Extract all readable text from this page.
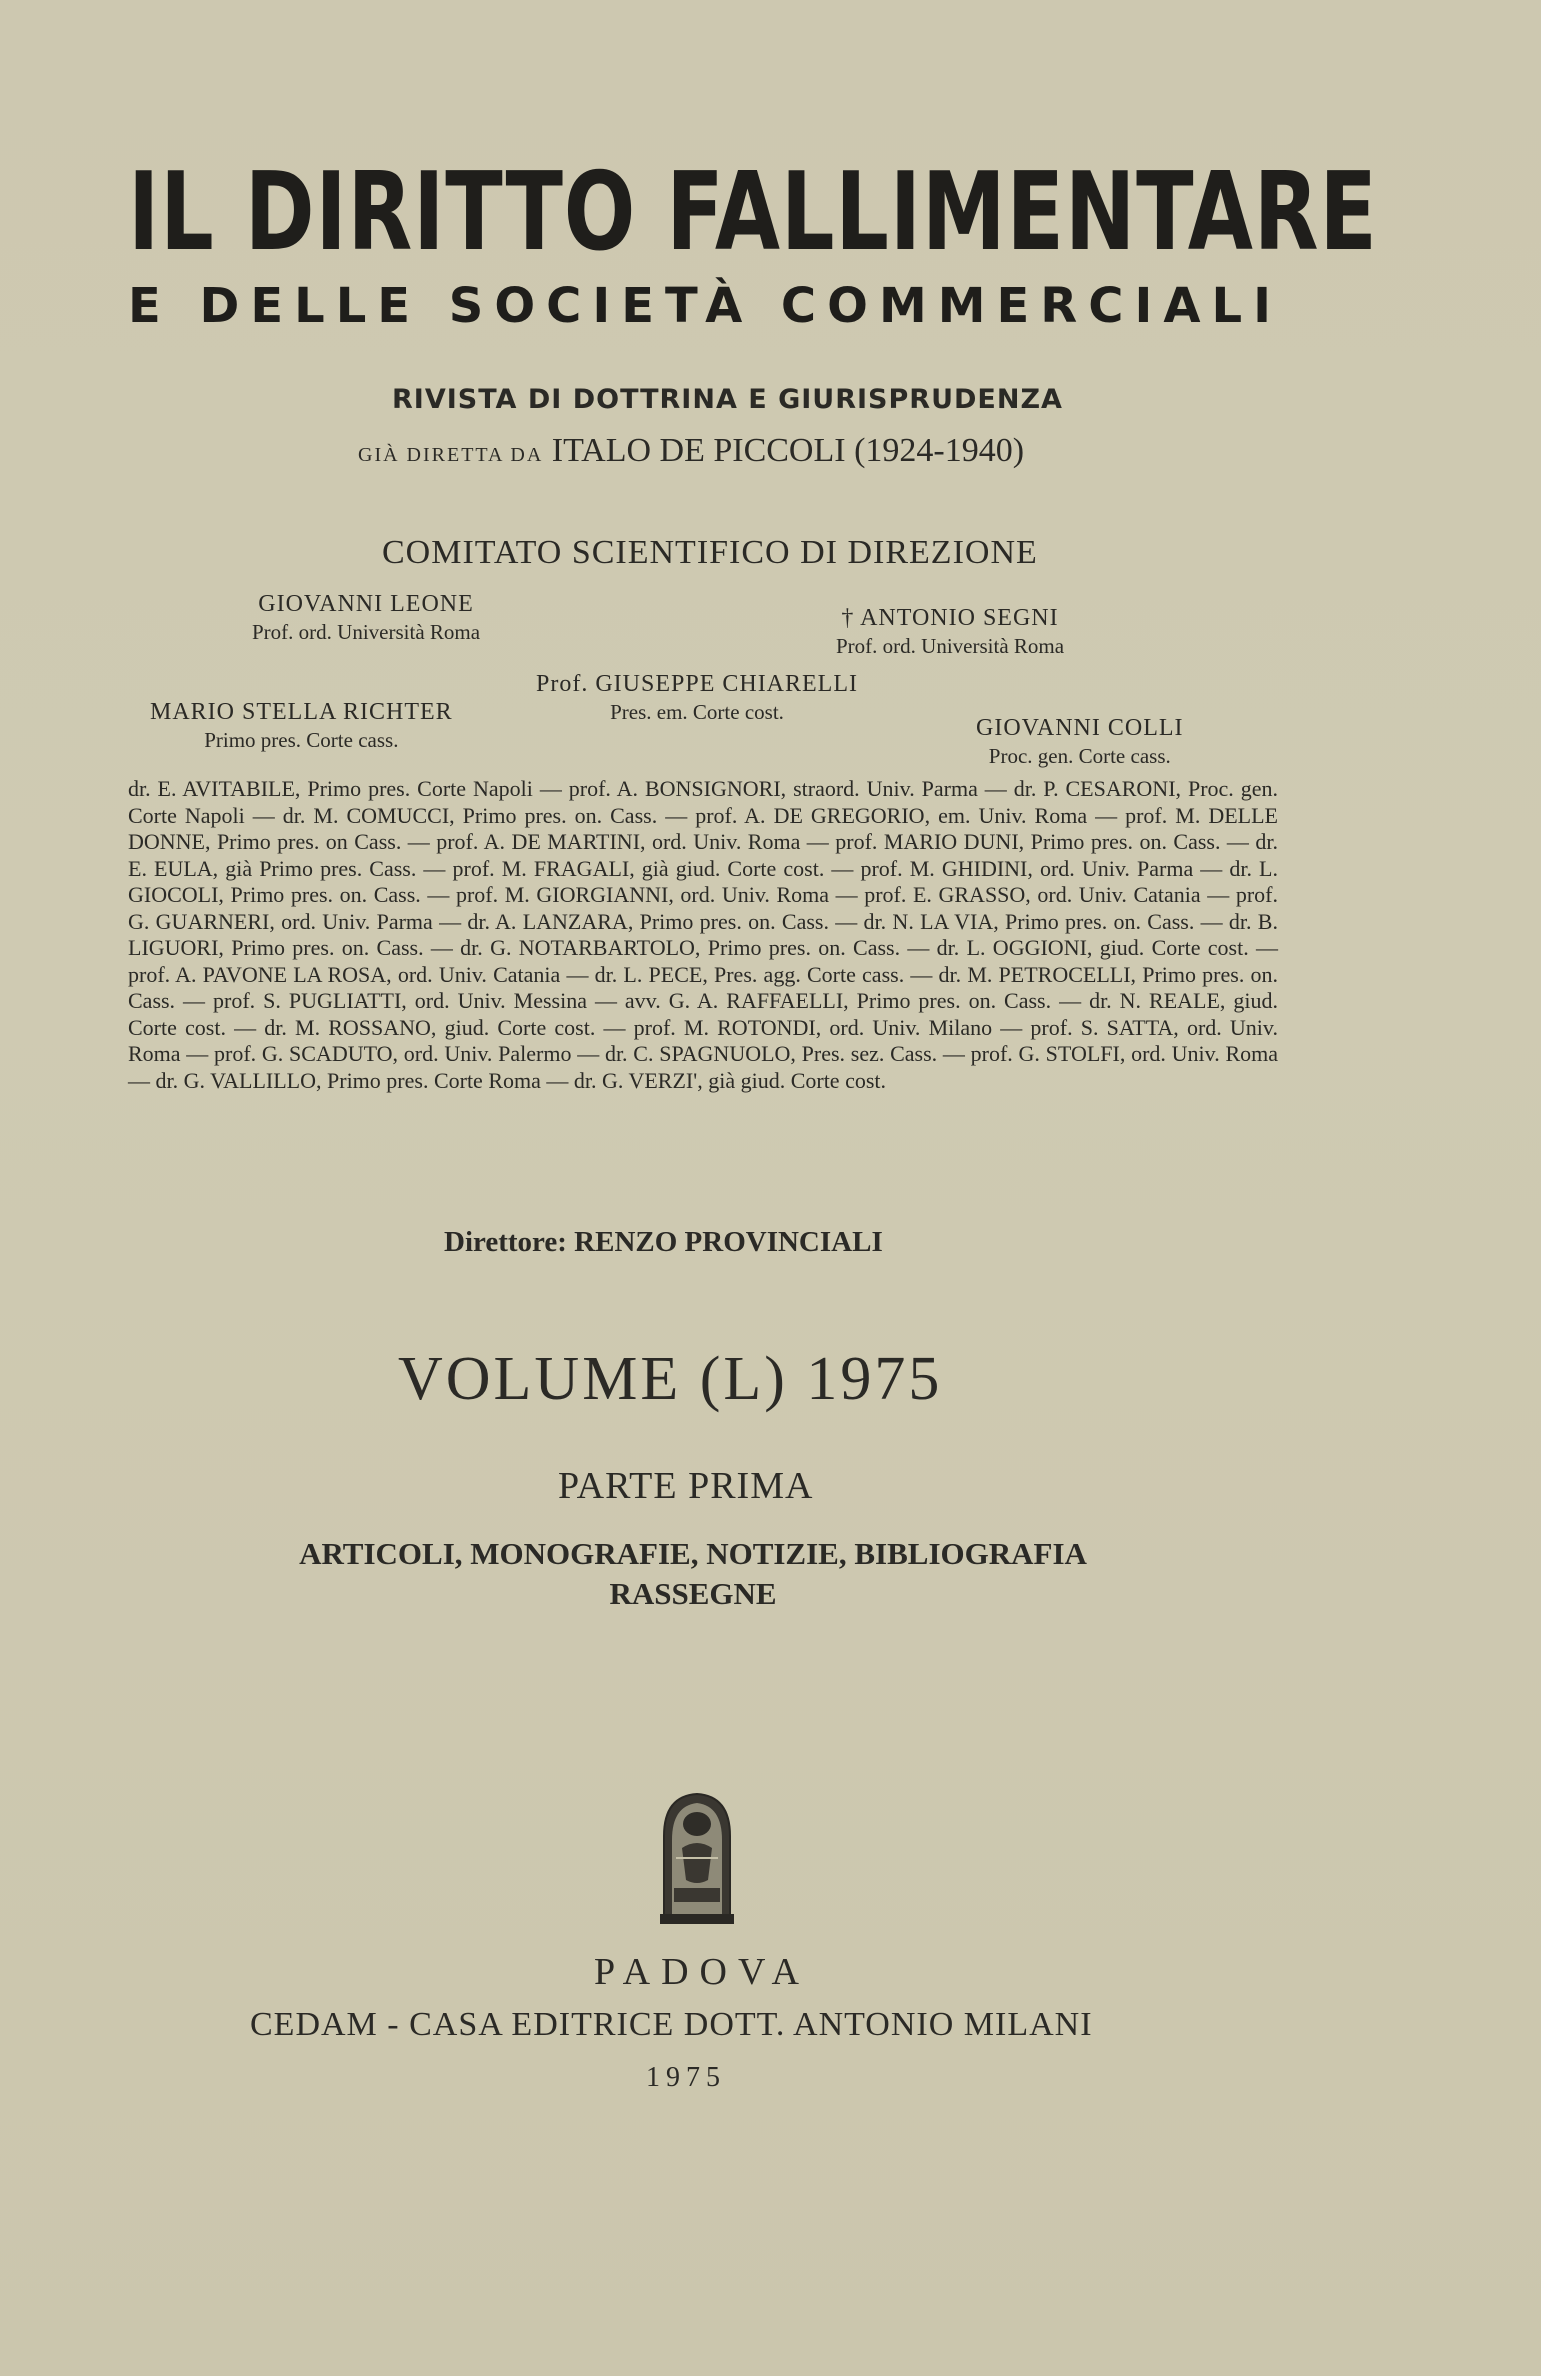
IL DIRITTO FALLIMENTARE
E DELLE SOCIETÀ COMMERCIALI
RIVISTA DI DOTTRINA E GIURISPRUDENZA
GIÀ DIRETTA DA ITALO DE PICCOLI (1924-1940)
COMITATO SCIENTIFICO DI DIREZIONE
GIOVANNI LEONE
Prof. ord. Università Roma
† ANTONIO SEGNI
Prof. ord. Università Roma
Prof. GIUSEPPE CHIARELLI
Pres. em. Corte cost.
MARIO STELLA RICHTER
Primo pres. Corte cass.	GIOVANNI COLLI
Proc. gen. Corte cass.
dr. E. AVITABILE, Primo pres. Corte Napoli — prof. A. BONSIGNORI, straord. Univ. Parma — dr. P. CESARONI, Proc. gen. Corte Napoli — dr. M. COMUCCI, Primo pres. on. Cass. — prof. A. DE GREGORIO, em. Univ. Roma — prof. M. DELLE DONNE, Primo pres. on Cass. — prof. A. DE MARTINI, ord. Univ. Roma — prof. MARIO DUNI, Primo pres. on. Cass. — dr. E. EULA, già Primo pres. Cass. — prof. M. FRAGALI, già giud. Corte cost. — prof. M. GHIDINI, ord. Univ. Parma — dr. L. GIOCOLI, Primo pres. on. Cass. — prof. M. GIORGIANNI, ord. Univ. Roma — prof. E. GRASSO, ord. Univ. Catania — prof. G. GUARNERI, ord. Univ. Parma — dr. A. LANZARA, Primo pres. on. Cass. — dr. N. LA VIA, Primo pres. on. Cass. — dr. B. LIGUORI, Primo pres. on. Cass. — dr. G. NOTARBARTOLO, Primo pres. on. Cass. — dr. L. OGGIONI, giud. Corte cost. — prof. A. PAVONE LA ROSA, ord. Univ. Catania — dr. L. PECE, Pres. agg. Corte cass. — dr. M. PETROCELLI, Primo pres. on. Cass. — prof. S. PUGLIATTI, ord. Univ. Messina — avv. G. A. RAFFAELLI, Primo pres. on. Cass. — dr. N. REALE, giud. Corte cost. — dr. M. ROSSANO, giud. Corte cost. — prof. M. ROTONDI, ord. Univ. Milano — prof. S. SATTA, ord. Univ. Roma — prof. G. SCADUTO, ord. Univ. Palermo — dr. C. SPAGNUOLO, Pres. sez. Cass. — prof. G. STOLFI, ord. Univ. Roma — dr. G. VALLILLO, Primo pres. Corte Roma — dr. G. VERZI', già giud. Corte cost.
Direttore: RENZO PROVINCIALI
VOLUME (L) 1975
PARTE PRIMA
ARTICOLI, MONOGRAFIE, NOTIZIE, BIBLIOGRAFIA
RASSEGNE
PADOVA
CEDAM - CASA EDITRICE DOTT. ANTONIO MILANI
1975
